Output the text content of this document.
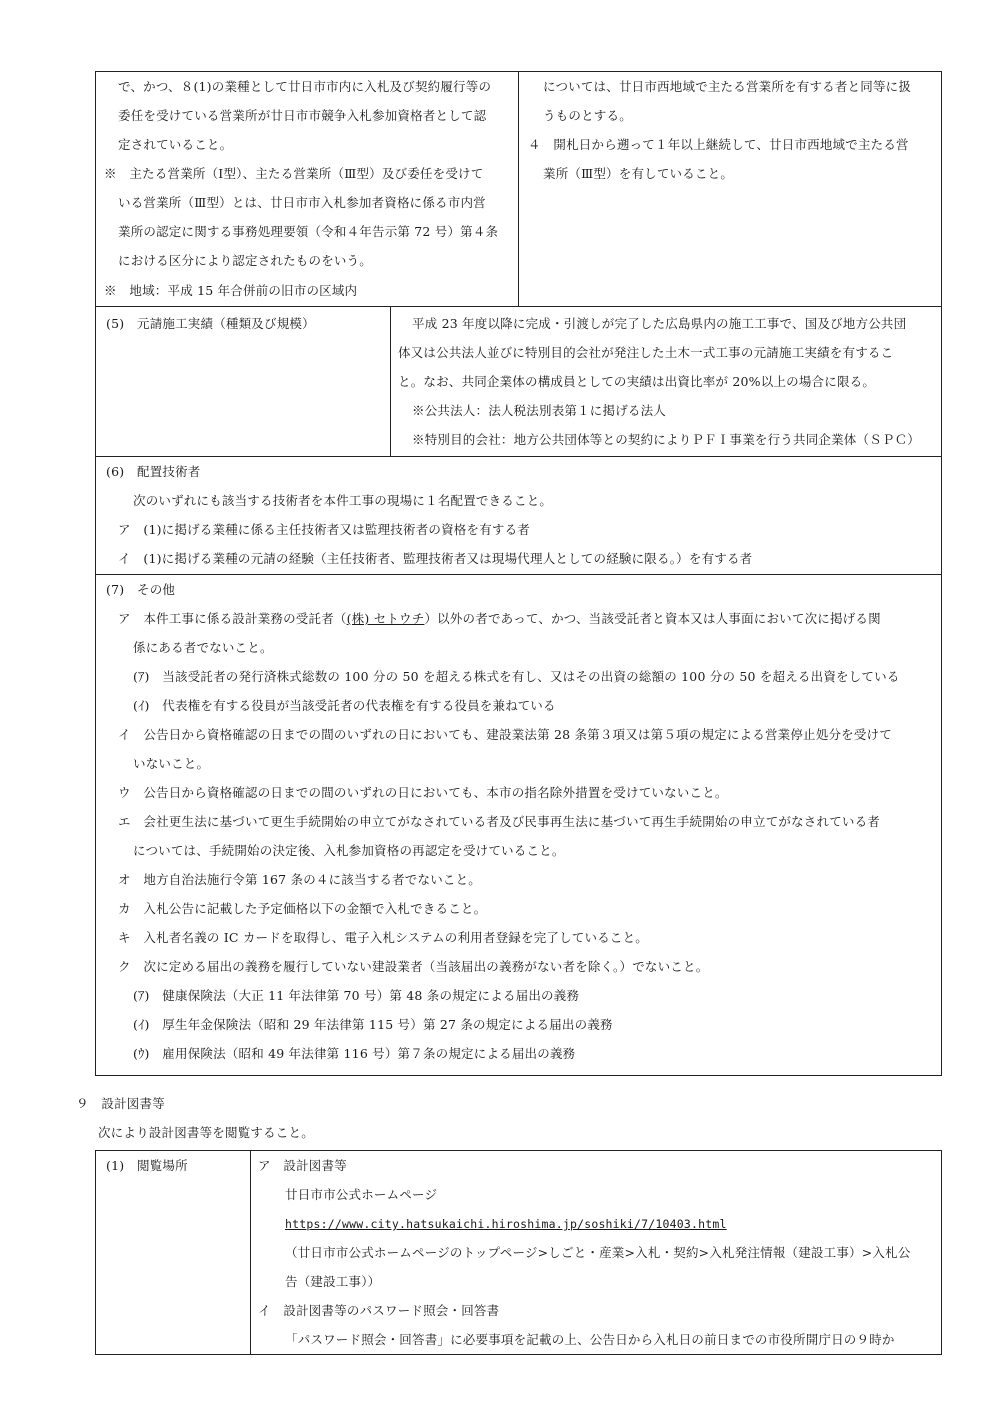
で、かつ、８(1)の業種として廿日市市内に入札及び契約履行等の
委任を受けている営業所が廿日市市競争入札参加資格者として認
定されていること。
※　主たる営業所（Ⅰ型）、主たる営業所（Ⅲ型）及び委任を受けて
いる営業所（Ⅲ型）とは、廿日市市入札参加者資格に係る市内営
業所の認定に関する事務処理要領（令和４年告示第 72 号）第４条
における区分により認定されたものをいう。
※　地域：平成 15 年合併前の旧市の区域内
については、廿日市西地域で主たる営業所を有する者と同等に扱
うものとする。
４　開札日から遡って１年以上継続して、廿日市西地域で主たる営
業所（Ⅲ型）を有していること。
(5)　元請施工実績（種類及び規模）	平成 23 年度以降に完成・引渡しが完了した広島県内の施工工事で、国及び地方公共団
体又は公共法人並びに特別目的会社が発注した土木一式工事の元請施工実績を有するこ
と。なお、共同企業体の構成員としての実績は出資比率が 20%以上の場合に限る。
※公共法人：法人税法別表第１に掲げる法人
※特別目的会社：地方公共団体等との契約によりＰＦＩ事業を行う共同企業体（ＳＰＣ）
(6)　配置技術者
次のいずれにも該当する技術者を本件工事の現場に１名配置できること。
ア　(1)に掲げる業種に係る主任技術者又は監理技術者の資格を有する者
イ　(1)に掲げる業種の元請の経験（主任技術者、監理技術者又は現場代理人としての経験に限る。）を有する者
(7)　その他
ア　本件工事に係る設計業務の受託者（(株) セトウチ）以外の者であって、かつ、当該受託者と資本又は人事面において次に掲げる関
係にある者でないこと。
(ｱ)　当該受託者の発行済株式総数の 100 分の 50 を超える株式を有し、又はその出資の総額の 100 分の 50 を超える出資をしている
(ｲ)　代表権を有する役員が当該受託者の代表権を有する役員を兼ねている
イ　公告日から資格確認の日までの間のいずれの日においても、建設業法第 28 条第３項又は第５項の規定による営業停止処分を受けて
いないこと。
ウ　公告日から資格確認の日までの間のいずれの日においても、本市の指名除外措置を受けていないこと。
エ　会社更生法に基づいて更生手続開始の申立てがなされている者及び民事再生法に基づいて再生手続開始の申立てがなされている者
については、手続開始の決定後、入札参加資格の再認定を受けていること。
オ　地方自治法施行令第 167 条の４に該当する者でないこと。
カ　入札公告に記載した予定価格以下の金額で入札できること。
キ　入札者名義の IC カードを取得し、電子入札システムの利用者登録を完了していること。
ク　次に定める届出の義務を履行していない建設業者（当該届出の義務がない者を除く。）でないこと。
(ｱ)　健康保険法（大正 11 年法律第 70 号）第 48 条の規定による届出の義務
(ｲ)　厚生年金保険法（昭和 29 年法律第 115 号）第 27 条の規定による届出の義務
(ｳ)　雇用保険法（昭和 49 年法律第 116 号）第７条の規定による届出の義務
９　設計図書等
次により設計図書等を閲覧すること。
(1)　閲覧場所	ア　設計図書等
廿日市市公式ホームページ
https://www.city.hatsukaichi.hiroshima.jp/soshiki/7/10403.html
（廿日市市公式ホームページのトップページ>しごと・産業>入札・契約>入札発注情報（建設工事）>入札公
告（建設工事））
イ　設計図書等のパスワード照会・回答書
「パスワード照会・回答書」に必要事項を記載の上、公告日から入札日の前日までの市役所開庁日の９時か
